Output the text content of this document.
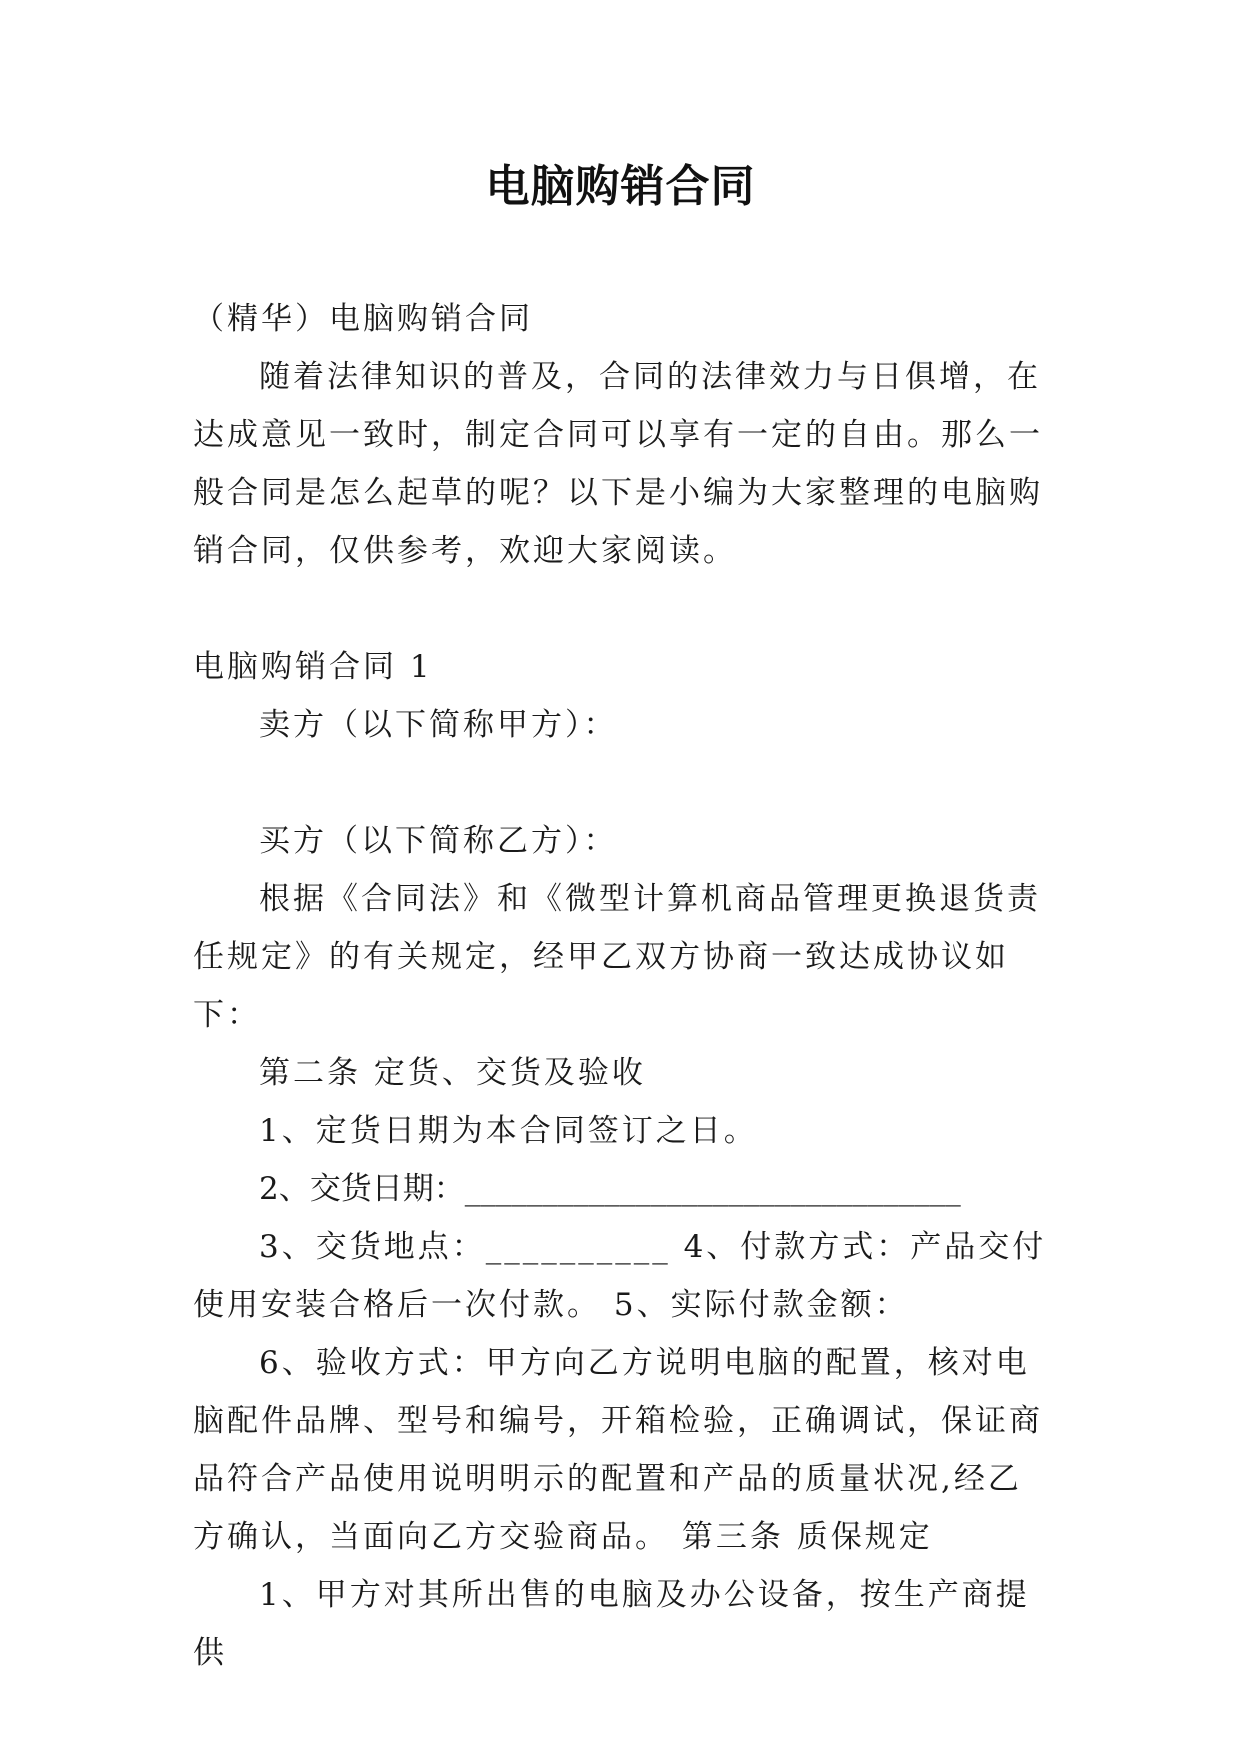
电脑购销合同

（精华）电脑购销合同

随着法律知识的普及，合同的法律效力与日俱增，在达成意见一致时，制定合同可以享有一定的自由。那么一般合同是怎么起草的呢？以下是小编为大家整理的电脑购销合同，仅供参考，欢迎大家阅读。

电脑购销合同 1

卖方（以下简称甲方）：

买方（以下简称乙方）：

根据《合同法》和《微型计算机商品管理更换退货责任规定》的有关规定，经甲乙双方协商一致达成协议如下：

第二条 定货、交货及验收

1、定货日期为本合同签订之日。

2、交货日期：________________________________

3、交货地点：__________ 4、付款方式：产品交付使用安装合格后一次付款。 5、实际付款金额：

6、验收方式：甲方向乙方说明电脑的配置，核对电脑配件品牌、型号和编号，开箱检验，正确调试，保证商品符合产品使用说明明示的配置和产品的质量状况,经乙方确认，当面向乙方交验商品。 第三条 质保规定

1、甲方对其所出售的电脑及办公设备，按生产商提供
